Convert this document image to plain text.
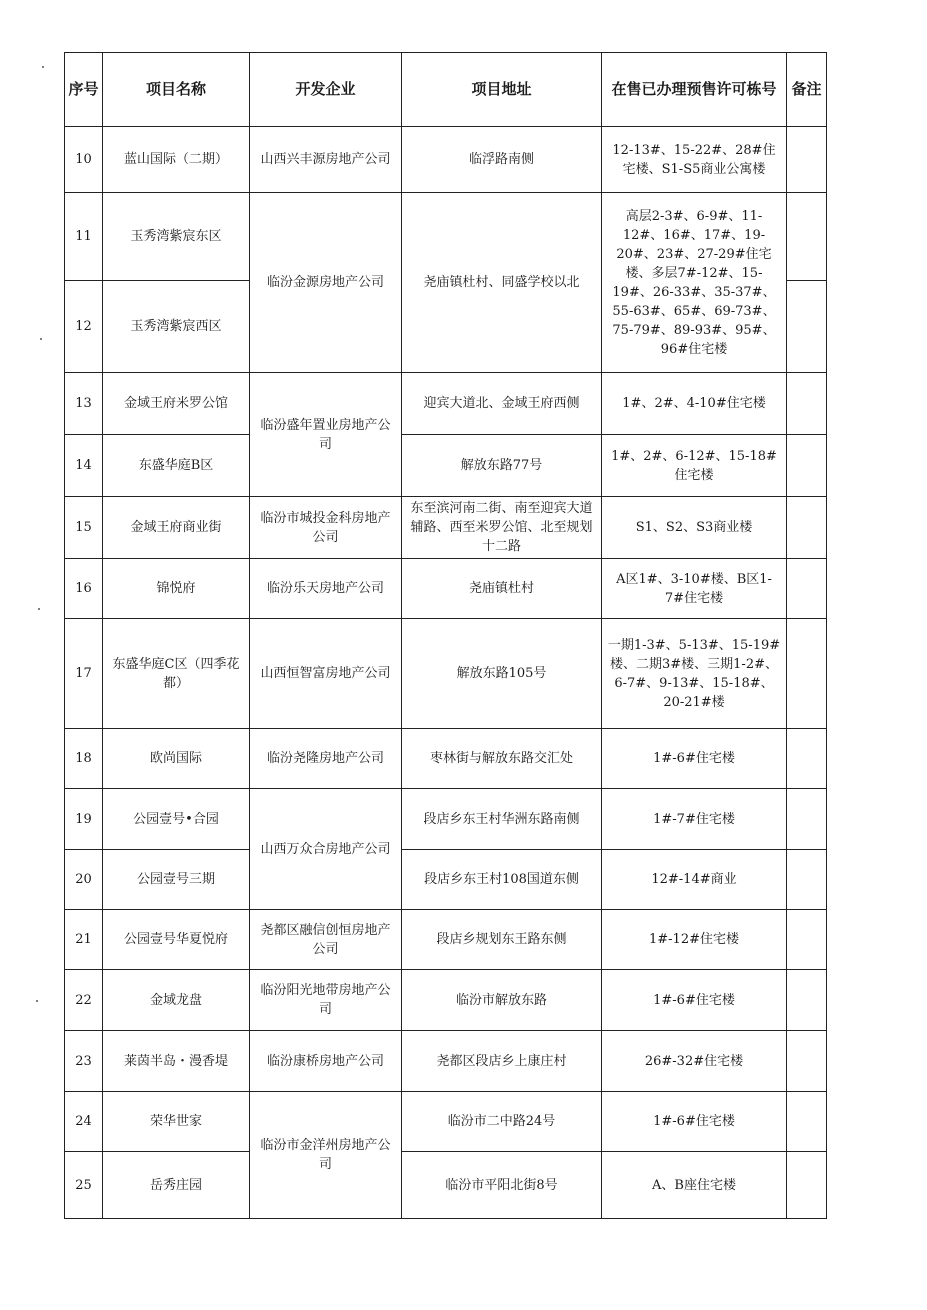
序号	项目名称	开发企业	项目地址	在售已办理预售许可栋号	备注
10	蓝山国际（二期）	山西兴丰源房地产公司	临浮路南侧	12-13#、15-22#、28#住宅楼、S1-S5商业公寓楼	
11	玉秀湾紫宸东区	临汾金源房地产公司	尧庙镇杜村、同盛学校以北	高层2-3#、6-9#、11-12#、16#、17#、19-20#、23#、27-29#住宅楼、多层7#-12#、15-19#、26-33#、35-37#、55-63#、65#、69-73#、75-79#、89-93#、95#、96#住宅楼	
12	玉秀湾紫宸西区				
13	金域王府米罗公馆	临汾盛年置业房地产公司	迎宾大道北、金域王府西侧	1#、2#、4-10#住宅楼	
14	东盛华庭B区		解放东路77号	1#、2#、6-12#、15-18#住宅楼	
15	金域王府商业街	临汾市城投金科房地产公司	东至滨河南二街、南至迎宾大道辅路、西至米罗公馆、北至规划十二路	S1、S2、S3商业楼	
16	锦悦府	临汾乐天房地产公司	尧庙镇杜村	A区1#、3-10#楼、B区1-7#住宅楼	
17	东盛华庭C区（四季花都）	山西恒智富房地产公司	解放东路105号	一期1-3#、5-13#、15-19#楼、二期3#楼、三期1-2#、6-7#、9-13#、15-18#、20-21#楼	
18	欧尚国际	临汾尧隆房地产公司	枣林街与解放东路交汇处	1#-6#住宅楼	
19	公园壹号•合园	山西万众合房地产公司	段店乡东王村华洲东路南侧	1#-7#住宅楼	
20	公园壹号三期		段店乡东王村108国道东侧	12#-14#商业	
21	公园壹号华夏悦府	尧都区融信创恒房地产公司	段店乡规划东王路东侧	1#-12#住宅楼	
22	金域龙盘	临汾阳光地带房地产公司	临汾市解放东路	1#-6#住宅楼	
23	莱茵半岛・漫香堤	临汾康桥房地产公司	尧都区段店乡上康庄村	26#-32#住宅楼	
24	荣华世家	临汾市金洋州房地产公司	临汾市二中路24号	1#-6#住宅楼	
25	岳秀庄园		临汾市平阳北街8号	A、B座住宅楼	
